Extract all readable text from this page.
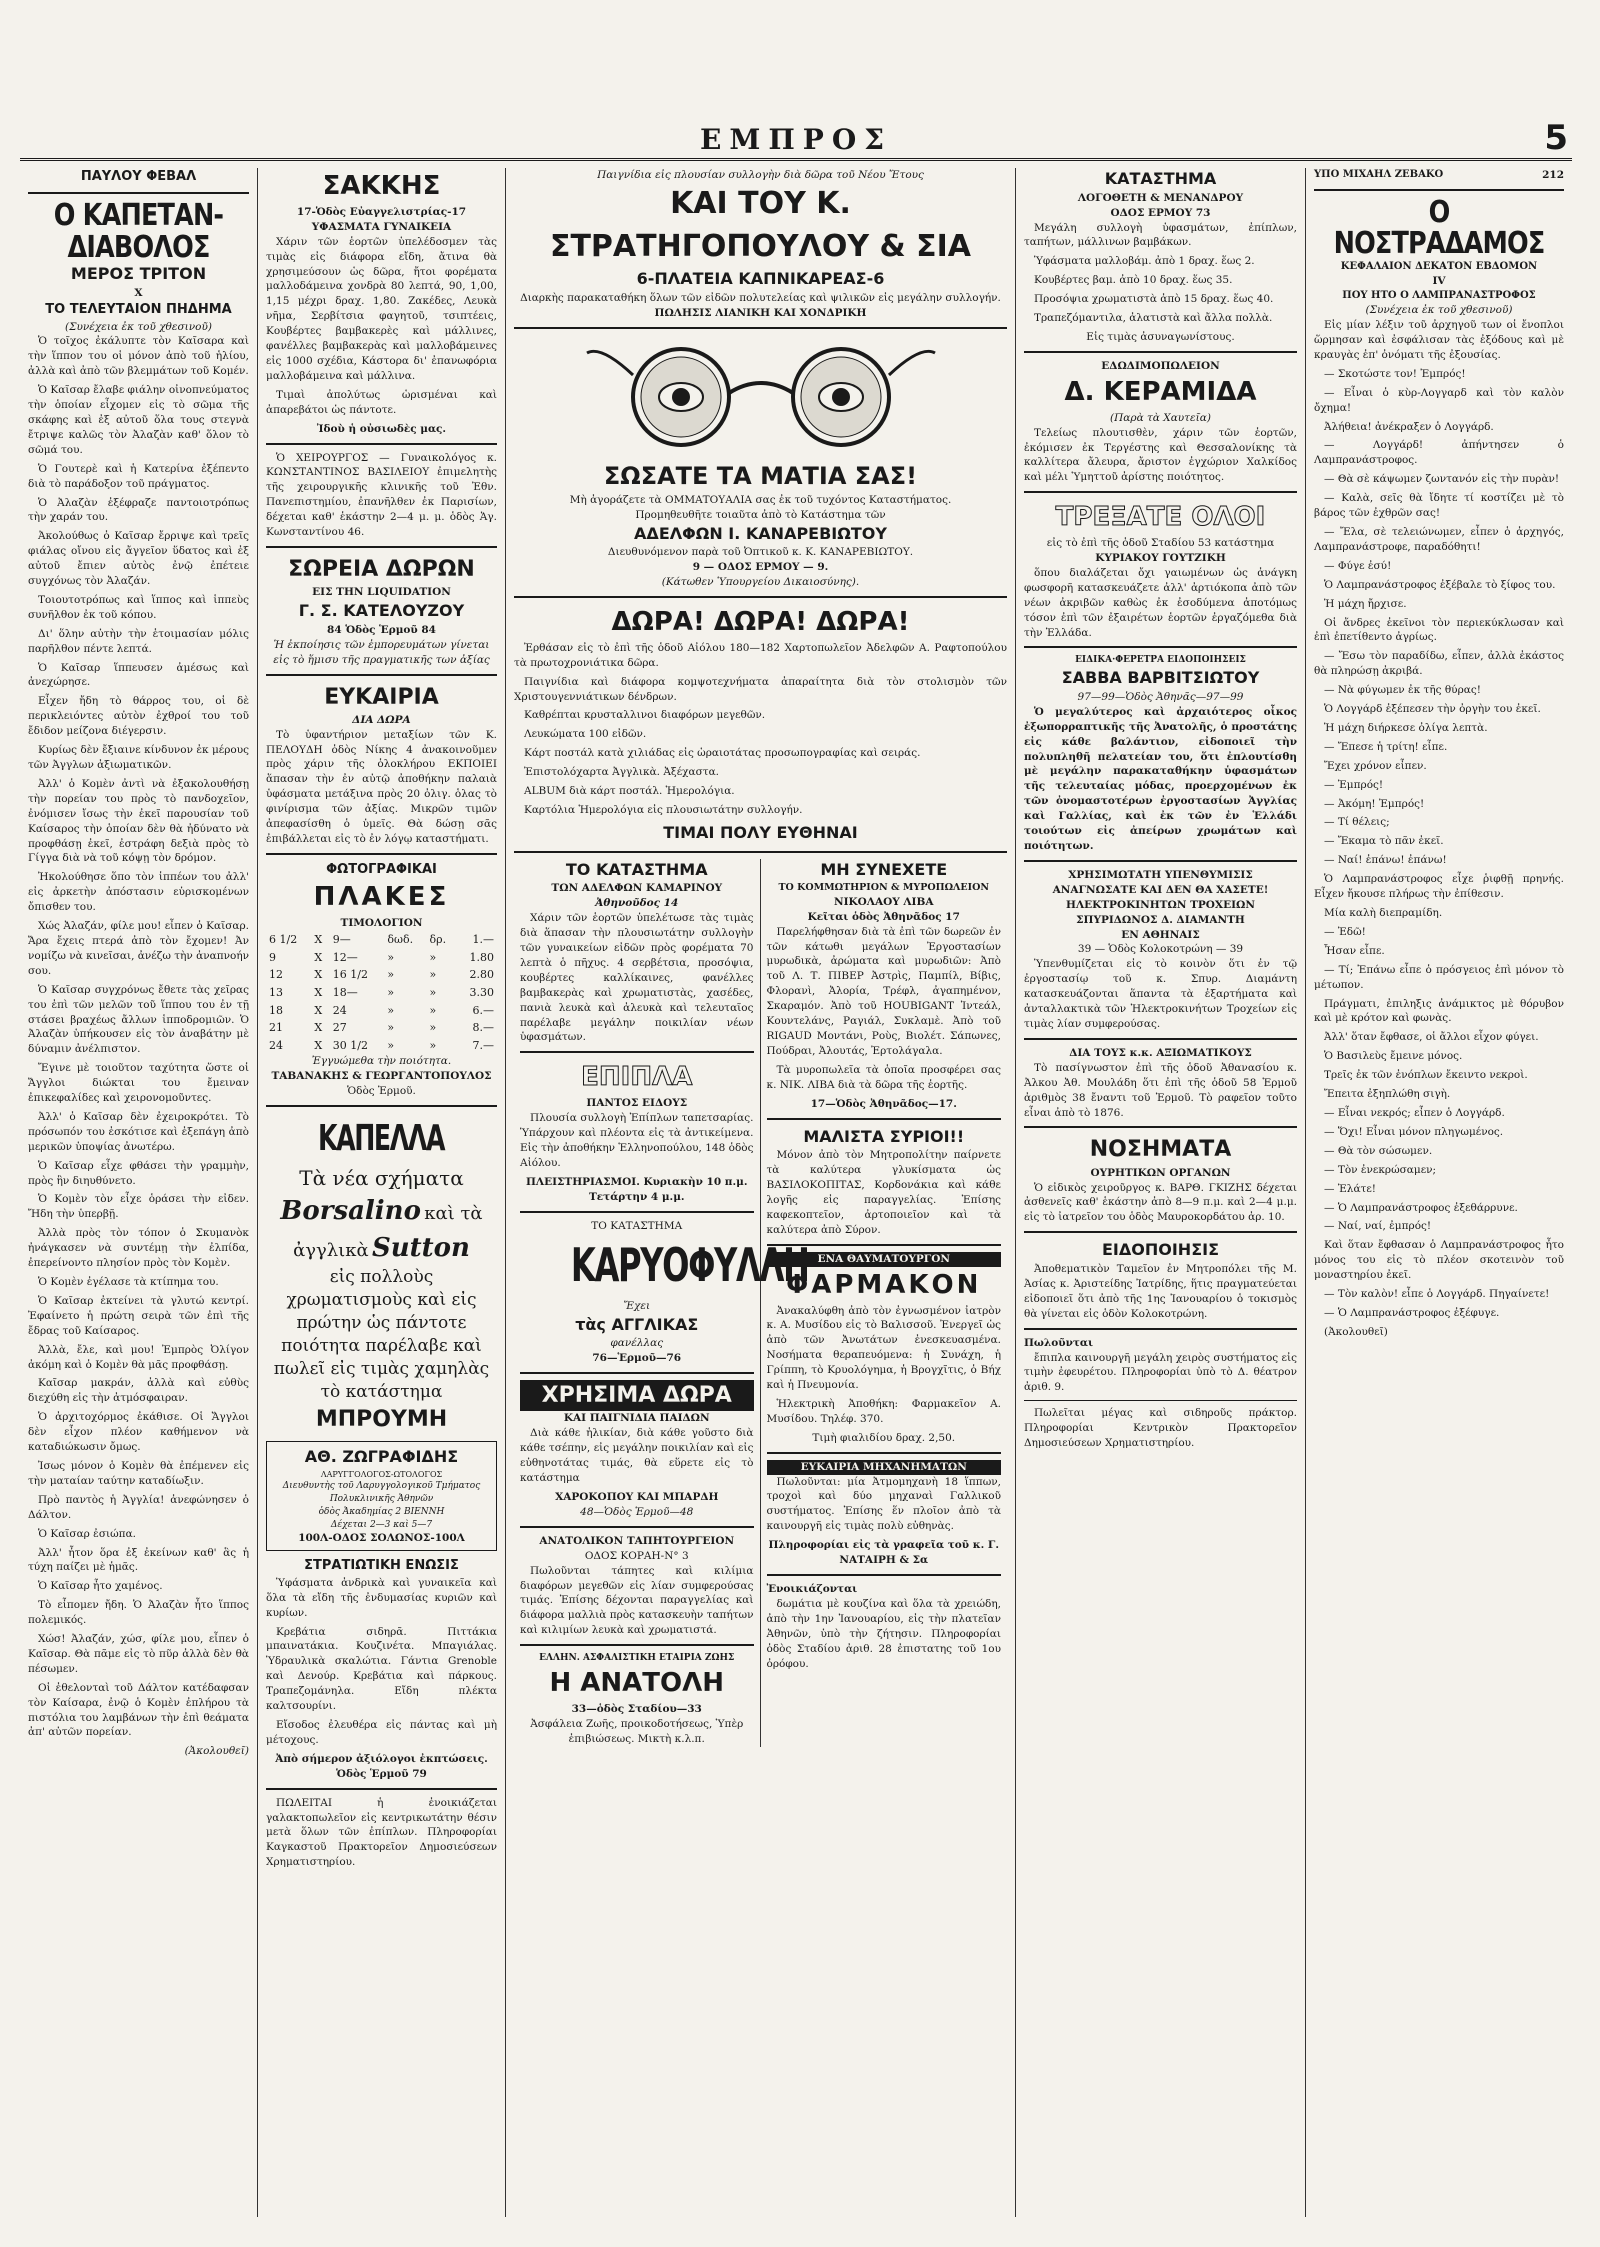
ΕΜΠΡΟΣ	5
ΠΑΥΛΟΥ ΦΕΒΑΛ
Ο ΚΑΠΕΤΑΝ-ΔΙΑΒΟΛΟΣ
ΜΕΡΟΣ ΤΡΙΤΟΝ
X
ΤΟ ΤΕΛΕΥΤΑΙΟΝ ΠΗΔΗΜΑ
(Συνέχεια ἐκ τοῦ χθεσινοῦ)

Ὁ τοῖχος ἐκάλυπτε τὸν Καῖσαρα καὶ τὴν ἵππον του οἱ μόνον ἀπὸ τοῦ ἡλίου, ἀλλὰ καὶ ἀπὸ τῶν βλεμμάτων τοῦ Κομέν.

Ὁ Καῖσαρ ἔλαβε φιάλην οἰνοπνεύματος τὴν ὁποίαν εἶχομεν εἰς τὸ σῶμα τῆς σκάφης καὶ ἐξ αὐτοῦ ὅλα τους στεγνὰ ἔτριψε καλῶς τὸν Ἀλαζὰν καθ' ὅλον τὸ σῶμά του.

Ὁ Γουτερὲ καὶ ἡ Κατερίνα ἐξέπεντο διὰ τὸ παράδοξον τοῦ πράγματος.

Ὁ Ἀλαζὰν ἐξέφραζε παντοιοτρόπως τὴν χαράν του.

Ἀκολούθως ὁ Καῖσαρ ἔρριψε καὶ τρεῖς φιάλας οἴνου εἰς ἄγγεῖον ὕδατος καὶ ἐξ αὐτοῦ ἔπιεν αὐτὸς ἐνῷ ἐπέτειε συγχόνως τὸν Ἀλαζάν.

Τοιουτοτρόπως καὶ ἵππος καὶ ἱππεὺς συνῆλθον ἐκ τοῦ κόπου.

Δι' ὅλην αὐτὴν τὴν ἑτοιμασίαν μόλις παρῆλθον πέντε λεπτά.

Ὁ Καῖσαρ ἵππευσεν ἀμέσως καὶ ἀνεχώρησε.

Εἶχεν ἤδη τὸ θάρρος του, οἱ δὲ περικλειόντες αὐτὸν ἐχθροί του τοῦ ἔδιδον μείζονα διέγερσιν.

Κυρίως δὲν ἔξιαινε κίνδυνον ἐκ μέρους τῶν Ἀγγλων ἀξιωματικῶν.

Ἀλλ' ὁ Κομὲν ἀντὶ νὰ ἐξακολουθήσῃ τὴν πορείαν του πρὸς τὸ πανδοχεῖον, ἐνόμισεν ἴσως τὴν ἐκεῖ παρουσίαν τοῦ Καίσαρος τὴν ὁποίαν δὲν θὰ ἠδύνατο νὰ προφθάσῃ ἐκεῖ, ἐστράφη δεξιὰ πρὸς τὸ Γίγγα διὰ νὰ τοῦ κόψῃ τὸν δρόμον.

Ἠκολούθησε ὅπο τὸν ἱππέων του ἀλλ' εἰς ἀρκετὴν ἀπόστασιν εὑρισκομένων ὄπισθεν του.

Χώς Ἀλαζάν, φίλε μου! εἶπεν ὁ Καῖσαρ. Ἄρα ἔχεις πτερά ἀπὸ τὸν ἔχομεν! Ἀν νομίζω νὰ κινεῖσαι, ἀνέζω τὴν ἀναπνοήν σου.

Ὁ Καῖσαρ συγχρόνως ἔθετε τὰς χεῖρας του ἐπὶ τῶν μελῶν τοῦ ἵππου του ἐν τῇ στάσει βραχέως ἄλλων ἱπποδρομιῶν. Ὁ Ἀλαζὰν ὑπήκουσεν εἰς τὸν ἀναβάτην μὲ δύναμιν ἀνέλπιστον.

Ἔγινε μὲ τοιοῦτον ταχύτητα ὥστε οἱ Ἄγγλοι διώκται του ἔμειναν ἐπικεφαλίδες καὶ χειρονομοῦντες.

Ἀλλ' ὁ Καῖσαρ δὲν ἐχειροκρότει. Τὸ πρόσωπόν του ἐσκότισε καὶ ἐξεπάγη ἀπὸ μερικῶν ὑποψίας ἀνωτέρω.

Ὁ Καῖσαρ εἶχε φθάσει τὴν γραμμὴν, πρὸς ἣν διηυθύνετο.

Ὁ Κομὲν τὸν εἶχε ὁράσει τὴν εἰδεν. Ἤδη τὴν ὑπερβῇ.

Ἀλλὰ πρὸς τὸν τόπον ὁ Σκυμανὸκ ἠνάγκασεν νὰ συντέμῃ τὴν ἐλπίδα, ἐπερείνοντο πλησίον πρὸς τὸν Κομὲν.

Ὁ Κομὲν ἐγέλασε τὰ κτίπημα του.

Ὁ Καῖσαρ ἐκτείνει τὰ γλυτώ κεντρί. Ἐφαίνετο ἡ πρώτη σειρὰ τῶν ἐπὶ τῆς ἔδρας τοῦ Καίσαρος.

Ἀλλὰ, ἔλε, καὶ μου! Ἐμπρὸς Ὀλίγον ἀκόμη καὶ ὁ Κομὲν θὰ μᾶς προφθάσῃ.

Καῖσαρ μακράν, ἀλλὰ καὶ εὐθὺς διεχύθη εἰς τὴν ἀτμόσφαιραν.

Ὁ ἀρχιτοχόρμος ἐκάθισε. Οἱ Ἄγγλοι δὲν εἶχον πλέον καθήμενον νὰ καταδιώκωσιν ὄμως.

Ἰσως μόνον ὁ Κομὲν θὰ ἐπέμενεν εἰς τὴν ματαίαν ταύτην καταδίωξιν.

Πρὸ παντὸς ἡ Ἀγγλία! ἀνεφώνησεν ὁ Δάλτον.

Ὁ Καῖσαρ ἐσιώπα.

Ἀλλ' ἦτον ὅρα ἐξ ἐκείνων καθ' ἃς ἡ τύχη παίζει μὲ ἡμᾶς.

Ὁ Καῖσαρ ἦτο χαμένος.

Τὸ εἶπομεν ἤδη. Ὁ Ἀλαζὰν ἦτο ἵππος πολεμικός.

Χώσ! Ἀλαζάν, χώσ, φίλε μου, εἶπεν ὁ Καῖσαρ. Θὰ πᾶμε εἰς τὸ πῦρ ἀλλὰ δὲν θὰ πέσωμεν.

Οἱ ἐθελονταὶ τοῦ Δάλτον κατέδαφσαν τὸν Καίσαρα, ἐνῷ ὁ Κομὲν ἐπλήρου τὰ πιστόλια του λαμβάνων τὴν ἐπὶ θεάματα ἀπ' αὐτῶν πορείαν.

(Ἀκολουθεῖ)
ΣΑΚΚΗΣ
17-Ὁδὸς Εὐαγγελιστρίας-17
ΥΦΑΣΜΑΤΑ ΓΥΝΑΙΚΕΙΑ

Χάριν τῶν ἑορτῶν ὑπελέδοσμεν τὰς τιμὰς εἰς διάφορα εἴδη, ἄτινα θὰ χρησιμεύσουν ὡς δῶρα, ἤτοι φορέματα μαλλοδάμεινα χονδρὰ 80 λεπτά, 90, 1,00, 1,15 μέχρι δραχ. 1,80. Ζακέδες, Λευκὰ νῆμα, Σερβίτσια φαγητοῦ, τσιπτέεις, Κουβέρτες βαμβακερὲς καὶ μάλλινες, φανέλλες βαμβακερὰς καὶ μαλλοβάμεινες εἰς 1000 σχέδια, Κάστορα δι' ἐπανωφόρια μαλλοβάμεινα καὶ μάλλινα.

Τιμαὶ ἀπολύτως ὡρισμέναι καὶ ἀπαρεβάτοι ὡς πάντοτε.

Ἰδοὺ ἡ οὐσιωδὲς μας.

Ὁ ΧΕΙΡΟΥΡΓΟΣ — Γυναικολόγος κ. ΚΩΝΣΤΑΝΤΙΝΟΣ ΒΑΣΙΛΕΙΟΥ ἐπιμελητὴς τῆς χειρουργικῆς κλινικῆς τοῦ Ἐθν. Πανεπιστημίου, ἐπανῆλθεν ἐκ Παρισίων, δέχεται καθ' ἑκάστην 2—4 μ. μ. ὁδὸς Ἁγ. Κωνσταντίνου 46.

ΣΩΡΕΙΑ ΔΩΡΩΝ
ΕΙΣ ΤΗΝ LIQUIDATION
Γ. Σ. ΚΑΤΕΛΟΥΖΟΥ
84 Ὁδὸς Ἑρμοῦ 84
Ἡ ἐκποίησις τῶν ἐμπορευμάτων γίνεται εἰς τὸ ἥμισυ τῆς πραγματικῆς των ἀξίας
ΕΥΚΑΙΡΙΑ
ΔΙΑ ΔΩΡΑ

Τὸ ὑφαντήριον μεταξίων τῶν Κ. ΠΕΛΟΥΔΗ ὁδὸς Νίκης 4 ἀνακοινοῦμεν πρὸς χάριν τῆς ὁλοκλήρου ΕΚΠΟΙΕΙ ἅπασαν τὴν ἐν αὐτῷ ἀποθήκην παλαιὰ ὑφάσματα μετάξινα πρὸς 20 ὀλιγ. ὁλας τὸ φινίρισμα τῶν ἀξίας. Μικρῶν τιμῶν ἀπεφασίσθη ὁ ὑμεῖς. Θὰ δώσῃ σᾶς ἐπιβάλλεται εἰς τὸ ἐν λόγῳ καταστήματι.

ΦΩΤΟΓΡΑΦΙΚΑΙ
ΠΛΑΚΕΣ
ΤΙΜΟΛΟΓΙΟΝ
6 1/2	Χ	9—	δωδ.	δρ.	1.—
9	Χ	12—	»	»	1.80
12	Χ	16 1/2	»	»	2.80
13	Χ	18—	»	»	3.30
18	Χ	24	»	»	6.—
21	Χ	27	»	»	8.—
24	Χ	30 1/2	»	»	7.—
Ἐγγυώμεθα τὴν ποιότητα.
ΤΑΒΑΝΑΚΗΣ & ΓΕΩΡΓΑΝΤΟΠΟΥΛΟΣ
Ὁδὸς Ἑρμοῦ.
ΚΑΠΕΛΛΑ
Τὰ νέα σχήματα
Borsalino καὶ τὰ
ἀγγλικὰ Sutton
εἰς πολλοὺς χρωματισμοὺς καὶ εἰς πρώτην ὡς πάντοτε ποιότητα παρέλαβε καὶ πωλεῖ εἰς τιμὰς χαμηλὰς τὸ κατάστημα
ΜΠΡΟΥΜΗ
ΑΘ. ΖΩΓΡΑΦΙΔΗΣ
ΛΑΡΥΓΓΟΛΟΓΟΣ-ΩΤΟΛΟΓΟΣ
Διευθυντὴς τοῦ Λαρυγγολογικοῦ Τμήματος Πολυκλινικῆς Ἀθηνῶν
ὁδὸς Ἀκαδημίας 2 ΒΙΕΝΝΗ
Δέχεται 2—3 καὶ 5—7
100Λ-ΟΔΟΣ ΣΟΛΩΝΟΣ-100Λ
ΣΤΡΑΤΙΩΤΙΚΗ ΕΝΩΣΙΣ

Ὑφάσματα ἀνδρικὰ καὶ γυναικεῖα καὶ ὅλα τὰ εἴδη τῆς ἐνδυμασίας κυριῶν καὶ κυρίων.

Κρεβάτια σιδηρᾶ. Πιττάκια μπαινατάκια. Κουζινέτα. Μπαγιάλας. Ὑδραυλικὰ σκαλώτια. Γάντια Grenoble καὶ Δενούρ. Κρεβάτια καὶ πάρκους. Τραπεζομάνηλα. Εἴδη πλέκτα καλτσουρίνι.

Εἴσοδος ἐλευθέρα εἰς πάντας καὶ μὴ μέτοχους.

Ἀπὸ σήμερον ἀξιόλογοι ἐκπτώσεις. Ὁδὸς Ἑρμοῦ 79

ΠΩΛΕΙΤΑΙ ἡ ἐνοικιάζεται γαλακτοπωλεῖον εἰς κεντρικωτάτην θέσιν μετὰ ὅλων τῶν ἐπίπλων. Πληροφορίαι Καγκαστοῦ Πρακτορεῖον Δημοσιεύσεων Χρηματιστηρίου.

Παιγνίδια εἰς πλουσίαν συλλογὴν διὰ δῶρα τοῦ Νέου Ἔτους
ΚΑΙ ΤΟΥ Κ. ΣΤΡΑΤΗΓΟΠΟΥΛΟΥ & ΣΙΑ
6-ΠΛΑΤΕΙΑ ΚΑΠΝΙΚΑΡΕΑΣ-6
Διαρκὴς παρακαταθήκη ὅλων τῶν εἰδῶν πολυτελείας καὶ ψιλικῶν εἰς μεγάλην συλλογήν.
ΠΩΛΗΣΙΣ ΛΙΑΝΙΚΗ ΚΑΙ ΧΟΝΔΡΙΚΗ
ΣΩΣΑΤΕ ΤΑ ΜΑΤΙΑ ΣΑΣ!
Μὴ ἀγοράζετε τὰ ΟΜΜΑΤΟΥΑΛΙΑ σας ἐκ τοῦ τυχόντος Καταστήματος.
Προμηθευθῆτε τοιαῦτα ἀπὸ τὸ Κατάστημα τῶν
ΑΔΕΛΦΩΝ Ι. ΚΑΝΑΡΕΒΙΩΤΟΥ
Διευθυνόμενον παρὰ τοῦ Ὀπτικοῦ κ. Κ. ΚΑΝΑΡΕΒΙΩΤΟΥ.
9 — ΟΔΟΣ ΕΡΜΟΥ — 9.
(Κάτωθεν Ὑπουργείου Δικαιοσύνης).
ΔΩΡΑ! ΔΩΡΑ! ΔΩΡΑ!

Ἐρθάσαν εἰς τὸ ἐπὶ τῆς ὁδοῦ Αἰόλου 180—182 Χαρτοπωλεῖον Ἀδελφῶν Α. Ραφτοπούλου τὰ πρωτοχρονιάτικα δῶρα.

Παιγνίδια καὶ διάφορα κομψοτεχνήματα ἀπαραίτητα διὰ τὸν στολισμὸν τῶν Χριστουγεννιάτικων δένδρων.

Καθρέπται κρυσταλλινοι διαφόρων μεγεθῶν.

Λευκώματα 100 εἰδῶν.

Κάρτ ποστάλ κατὰ χιλιάδας εἰς ὡραιοτάτας προσωπογραφίας καὶ σειράς.

Ἐπιστολόχαρτα Ἀγγλικὰ. Ἀξέχαστα.

ALBUM διὰ κάρτ ποστάλ. Ἡμερολόγια.

Καρτόλια Ἡμερολόγια εἰς πλουσιωτάτην συλλογήν.

ΤΙΜΑΙ ΠΟΛΥ ΕΥΘΗΝΑΙ
ΤΟ ΚΑΤΑΣΤΗΜΑ
ΤΩΝ ΑΔΕΛΦΩΝ ΚΑΜΑΡΙΝΟΥ
Ἀθηνοῦδος 14

Χάριν τῶν ἑορτῶν ὑπελέτωσε τὰς τιμὰς διὰ ἅπασαν τὴν πλουσιωτάτην συλλογὴν τῶν γυναικείων εἰδῶν πρὸς φορέματα 70 λεπτὰ ὁ πῆχυς. 4 σερβέτσια, προσόψια, κουβέρτες καλλίκαινες, φανέλλες βαμβακερὰς καὶ χρωματιστὰς, χασέδες, πανιὰ λευκὰ καὶ ἀλευκὰ καὶ τελευταῖος παρέλαβε μεγάλην ποικιλίαν νέων ὑφασμάτων.

ΕΠΙΠΛΑ
ΠΑΝΤΟΣ ΕΙΔΟΥΣ

Πλουσία συλλογὴ Ἐπίπλων ταπετσαρίας. Ὑπάρχουν καὶ πλέοντα εἰς τὰ ἀντικείμενα. Εἰς τὴν ἀποθήκην Ἑλληνοπούλου, 148 ὁδὸς Αἰόλου.

ΠΛΕΙΣΤΗΡΙΑΣΜΟΙ. Κυριακὴν 10 π.μ. Τετάρτην 4 μ.μ.
ΤΟ ΚΑΤΑΣΤΗΜΑ
ΚΑΡΥΟΦΥΛΛΗ
Ἔχει
τὰς ΑΓΓΛΙΚΑΣ
φανέλλας
76—Ἑρμοῦ—76
ΧΡΗΣΙΜΑ ΔΩΡΑ
ΚΑΙ ΠΑΙΓΝΙΔΙΑ ΠΑΙΔΩΝ

Διὰ κάθε ἡλικίαν, διὰ κάθε γοῦστο διὰ κάθε τσέπην, εἰς μεγάλην ποικιλίαν καὶ εἰς εὐθηνοτάτας τιμάς, θὰ εὕρετε εἰς τὸ κατάστημα

ΧΑΡΟΚΟΠΟΥ ΚΑΙ ΜΠΑΡΔΗ
48—Ὁδὸς Ἑρμοῦ—48
ΑΝΑΤΟΛΙΚΟΝ ΤΑΠΗΤΟΥΡΓΕΙΟΝ
ΟΔΟΣ ΚΟΡΑΗ-Ν° 3

Πωλοῦνται τάπητες καὶ κιλίμια διαφόρων μεγεθῶν εἰς λίαν συμφερούσας τιμάς. Ἐπίσης δέχονται παραγγελίας καὶ διάφορα μαλλιὰ πρὸς κατασκευὴν ταπήτων καὶ κιλιμίων λευκὰ καὶ χρωματιστά.

ΕΛΛΗΝ. ΑΣΦΑΛΙΣΤΙΚΗ ΕΤΑΙΡΙΑ ΖΩΗΣ
Η ΑΝΑΤΟΛΗ
33—ὁδὸς Σταδίου—33
Ἀσφάλεια Ζωῆς, προικοδοτήσεως, Ὑπὲρ ἐπιβιώσεως. Μικτὴ κ.λ.π.
ΜΗ ΣΥΝΕΧΕΤΕ
ΤΟ ΚΟΜΜΩΤΗΡΙΟΝ & ΜΥΡΟΠΩΛΕΙΟΝ
ΝΙΚΟΛΑΟΥ ΛΙΒΑ
Κεῖται ὁδὸς Ἀθηνᾶδος 17

Παρελήφθησαν διὰ τὰ ἐπὶ τῶν δωρεῶν ἐν τῶν κάτωθι μεγάλων Ἐργοστασίων μυρωδικὰ, ἀρώματα καὶ μυρωδιῶν: Ἀπὸ τοῦ Λ. Τ. ΠΙΒΕΡ Ἀστρὶς, Παμπίλ, Βίβις, Φλορανὶ, Ἀλορία, Τρέφλ, ἀγαπημένον, Σκαραμόν. Ἀπὸ τοῦ HOUBIGANT Ἰντεάλ, Κουντελάνς, Ραγιάλ, Συκλαμὲ. Ἀπὸ τοῦ RIGAUD Μοντάνι, Ροὺς, Βιολέτ. Σάπωνες, Πούδραι, Ἀλουτάς, Ἐρτολάγαλα.

Τὰ μυροπωλεῖα τὰ ὁποῖα προσφέρει σας κ. ΝΙΚ. ΛΙΒΑ διὰ τὰ δῶρα τῆς ἑορτῆς.

17—Ὁδὸς Ἀθηνᾶδος—17.
ΜΑΛΙΣΤΑ ΣΥΡΙΟΙ!!

Μόνον ἀπὸ τὸν Μητροπολίτην παίρνετε τὰ καλύτερα γλυκίσματα ὡς ΒΑΣΙΛΟΚΟΠΙΤΑΣ, Κορδονάκια καὶ κάθε λογῆς εἰς παραγγελίας. Ἐπίσης καφεκοπτεῖον, ἀρτοποιεῖον καὶ τὰ καλύτερα ἀπὸ Σύρον.

ΕΝΑ ΘΑΥΜΑΤΟΥΡΓΟΝ
ΦΑΡΜΑΚΟΝ

Ἀνακαλύφθη ἀπὸ τὸν ἐγνωσμένον ἰατρὸν κ. Α. Μυσίδου εἰς τὸ Βαλισσοῦ. Ἐνεργεῖ ὡς ἀπὸ τῶν Ἀνωτάτων ἐνεσκευασμένα. Νοσήματα θεραπευόμενα: ἡ Συνάχη, ἡ Γρίππη, τὸ Κρυολόγημα, ἡ Βρογχῖτις, ὁ Βήχ καὶ ἡ Πνευμονία.

Ἡλεκτρικὴ Ἀποθήκη: Φαρμακεῖον Α. Μυσίδου. Τηλέφ. 370.

Τιμὴ φιαλιδίου δραχ. 2,50.
ΕΥΚΑΙΡΙΑ ΜΗΧΑΝΗΜΑΤΩΝ

Πωλοῦνται: μία Ἀτμομηχανὴ 18 ἵππων, τροχοὶ καὶ δύο μηχαναὶ Γαλλικοῦ συστήματος. Ἐπίσης ἕν πλοῖον ἀπὸ τὰ καινουργῆ εἰς τιμὰς πολὺ εὐθηνὰς.

Πληροφορίαι εἰς τὰ γραφεῖα τοῦ κ. Γ. ΝΑΤΑΙΡΗ & Σα
Ἐνοικιάζονται

δωμάτια μὲ κουζίνα καὶ ὅλα τὰ χρειώδη, ἀπὸ τὴν 1ην Ἰανουαρίου, εἰς τὴν πλατεῖαν Ἀθηνῶν, ὑπὸ τὴν ζήτησιν. Πληροφορίαι ὁδὸς Σταδίου ἀριθ. 28 ἐπιστατης τοῦ 1ου ὀρόφου.

ΚΑΤΑΣΤΗΜΑ
ΛΟΓΟΘΕΤΗ & ΜΕΝΑΝΔΡΟΥ
ΟΔΟΣ ΕΡΜΟΥ 73

Μεγάλη συλλογὴ ὑφασμάτων, ἐπίπλων, ταπήτων, μάλλινων βαμβάκων.

Ὑφάσματα μαλλοβάμ. ἀπὸ 1 δραχ. ἕως 2.

Κουβέρτες βαμ. ἀπὸ 10 δραχ. ἕως 35.

Προσόψια χρωματιστὰ ἀπὸ 15 δραχ. ἕως 40.

Τραπεζόμαντιλα, ἀλατιστὰ καὶ ἄλλα πολλὰ.

Εἰς τιμὰς ἀσυναγωνίστους.
ΕΔΩΔΙΜΟΠΩΛΕΙΟΝ
Δ. ΚΕΡΑΜΙΔΑ
(Παρὰ τὰ Χαυτεῖα)

Τελείως πλουτισθὲν, χάριν τῶν ἑορτῶν, ἐκόμισεν ἐκ Τεργέστης καὶ Θεσσαλονίκης τὰ καλλίτερα ἄλευρα, ἄριστον ἐγχώριον Χαλκίδος καὶ μέλι Ὑμηττοῦ ἀρίστης ποιότητος.

ΤΡΕΞΑΤΕ ΟΛΟΙ
εἰς τὸ ἐπὶ τῆς ὁδοῦ Σταδίου 53 κατάστημα
ΚΥΡΙΑΚΟΥ ΓΟΥΤΖΙΚΗ

ὅπου διαλάζεται ὄχι γαιωμένων ὡς ἀνάγκη φωσφορῆ κατασκευάζετε ἀλλ' ἀρτιόκοπα ἀπὸ τῶν νέων ἀκριβῶν καθὼς ἐκ ἐσοδύμενα ἀποτόμως τόσον ἐπὶ τῶν ἐξαιρέτων ἑορτῶν ἐργαζόμεθα διὰ τὴν Ἑλλάδα.

ΕΙΔΙΚΑ·ΦΕΡΕΤΡΑ ΕΙΔΟΠΟΙΗΣΕΙΣ
ΣΑΒΒΑ ΒΑΡΒΙΤΣΙΩΤΟΥ
97—99—Ὁδὸς Ἀθηνᾶς—97—99

Ὁ μεγαλύτερος καὶ ἀρχαιότερος οἶκος ἐξωπορραπτικῆς τῆς Ἀνατολῆς, ὁ προστάτης εἰς κάθε βαλάντιον, εἰδοποιεῖ τὴν πολυπληθῆ πελατείαν του, ὅτι ἐπλουτίσθη μὲ μεγάλην παρακαταθήκην ὑφασμάτων τῆς τελευταίας μόδας, προερχομένων ἐκ τῶν ὀνομαστοτέρων ἐργοστασίων Ἀγγλίας καὶ Γαλλίας, καὶ ἐκ τῶν ἐν Ἑλλάδι τοιούτων εἰς ἀπείρων χρωμάτων καὶ ποιότητων.

ΧΡΗΣΙΜΩΤΑΤΗ ΥΠΕΝΘΥΜΙΣΙΣ
ΑΝΑΓΝΩΣΑΤΕ ΚΑΙ ΔΕΝ ΘΑ ΧΑΣΕΤΕ!
ΗΛΕΚΤΡΟΚΙΝΗΤΩΝ ΤΡΟΧΕΙΩΝ
ΣΠΥΡΙΔΩΝΟΣ Δ. ΔΙΑΜΑΝΤΗ
ΕΝ ΑΘΗΝΑΙΣ
39 — Ὁδὸς Κολοκοτρώνη — 39

Ὑπενθυμίζεται εἰς τὸ κοινὸν ὅτι ἐν τῷ ἐργοστασίῳ τοῦ κ. Σπυρ. Διαμάντη κατασκευάζονται ἅπαντα τὰ ἐξαρτήματα καὶ ἀνταλλακτικὰ τῶν Ἠλεκτροκινήτων Τροχείων εἰς τιμὰς λίαν συμφερούσας.

ΔΙΑ ΤΟΥΣ κ.κ. ΑΞΙΩΜΑΤΙΚΟΥΣ

Τὸ πασίγνωστον ἐπὶ τῆς ὁδοῦ Ἀθανασίου κ. Ἀλκου Ἀθ. Μουλάδη ὅτι ἐπὶ τῆς ὁδοῦ 58 Ἑρμοῦ ἀριθμὸς 38 ἔναντι τοῦ Ἐρμοῦ. Τὸ ραφεῖον τοῦτο εἶναι ἀπὸ τὸ 1876.

ΝΟΣΗΜΑΤΑ
ΟΥΡΗΤΙΚΩΝ ΟΡΓΑΝΩΝ

Ὁ εἰδικὸς χειροῦργος κ. ΒΑΡΘ. ΓΚΙΖΗΣ δέχεται ἀσθενεῖς καθ' ἑκάστην ἀπὸ 8—9 π.μ. καὶ 2—4 μ.μ. εἰς τὸ ἰατρεῖον του ὁδὸς Μαυροκορδάτου ἀρ. 10.

ΕΙΔΟΠΟΙΗΣΙΣ

Ἀποθεματικὸν Ταμεῖον ἐν Μητροπόλει τῆς Μ. Ἀσίας κ. Ἀριστείδης Ἰατρίδης, ἥτις πραγματεύεται εἰδοποιεῖ ὅτι ἀπὸ τῆς 1ης Ἰανουαρίου ὁ τοκισμὸς θὰ γίνεται εἰς ὁδὸν Κολοκοτρώνη.

Πωλοῦνται

ἔπιπλα καινουργῆ μεγάλη χειρὸς συστήματος εἰς τιμὴν ἐφευρέτου. Πληροφορίαι ὑπὸ τὸ Δ. θέατρον ἀριθ. 9.

Πωλεῖται μέγας καὶ σιδηροῦς πράκτορ. Πληροφορίαι Κεντρικὸν Πρακτορεῖον Δημοσιεύσεων Χρηματιστηρίου.

ΥΠΟ ΜΙΧΑΗΛ ΖΕΒΑΚΟ	212
Ο ΝΟΣΤΡΑΔΑΜΟΣ
ΚΕΦΑΛΑΙΟΝ ΔΕΚΑΤΟΝ ΕΒΔΟΜΟΝ
IV
ΠΟΥ ΗΤΟ Ο ΛΑΜΠΡΑΝΑΣΤΡΟΦΟΣ
(Συνέχεια ἐκ τοῦ χθεσινοῦ)

Εἰς μίαν λέξιν τοῦ ἀρχηγοῦ των οἱ ἔνοπλοι ὥρμησαν καὶ ἐσφάλισαν τὰς ἐξόδους καὶ μὲ κραυγὰς ἐπ' ὀνόματι τῆς ἐξουσίας.

— Σκοτώστε τον! Ἐμπρός!

— Εἶναι ὁ κὺρ-Λογγαρδ καὶ τὸν καλὸν ὄχημα!

Ἀλήθεια! ἀνέκραξεν ὁ Λογγάρδ.

— Λογγάρδ! ἀπήντησεν ὁ Λαμπρανάστροφος.

— Θὰ σὲ κάψωμεν ζωντανόν εἰς τὴν πυρὰν!

— Καλὰ, σεῖς θὰ ἴδητε τί κοστίζει μὲ τὸ βάρος τῶν ἐχθρῶν σας!

— Ἔλα, σὲ τελειώνωμεν, εἶπεν ὁ ἀρχηγός, Λαμπρανάστροφε, παραδόθητι!

— Φύγε ἐσύ!

Ὁ Λαμπρανάστροφος ἐξέβαλε τὸ ξίφος του.

Ἡ μάχη ἤρχισε.

Οἱ ἄνδρες ἐκεῖνοι τὸν περιεκύκλωσαν καὶ ἐπὶ ἐπετίθεντο ἀγρίως.

— Ἔσω τὸν παραδίδω, εἶπεν, ἀλλὰ ἐκάστος θὰ πληρώσῃ ἀκριβά.

— Νὰ φύγωμεν ἐκ τῆς θύρας!

Ὁ Λογγάρδ ἐξέπεσεν τὴν ὀργὴν του ἐκεῖ.

Ἡ μάχη διήρκεσε ὀλίγα λεπτὰ.

— Ἔπεσε ἡ τρίτη! εἶπε.

Ἔχει χρόνον εἶπεν.

— Ἐμπρός!

— Ἀκόμη! Ἐμπρός!

— Τί θέλεις;

— Ἔκαμα τὸ πᾶν ἐκεῖ.

— Ναί! ἐπάνω! ἐπάνω!

Ὁ Λαμπρανάστροφος εἶχε ῥιφθῇ πρηνής. Εἶχεν ἤκουσε πλήρως τὴν ἐπίθεσιν.

Μία καλὴ διεπραμίδη.

— Ἐδῶ!

Ἦσαν εἶπε.

— Τί; Ἐπάνω εἶπε ὁ πρόσγειος ἐπὶ μόνον τὸ μέτωπον.

Πράγματι, ἐπιληξις ἀνάμικτος μὲ θόρυβον καὶ μὲ κρότον καὶ φωνὰς.

Ἀλλ' ὅταν ἔφθασε, οἱ ἄλλοι εἶχον φύγει.

Ὁ Βασιλεὺς ἔμεινε μόνος.

Τρεῖς ἐκ τῶν ἐνόπλων ἔκειντο νεκροὶ.

Ἔπειτα ἐξηπλώθη σιγὴ.

— Εἶναι νεκρός; εἶπεν ὁ Λογγάρδ.

— Ὅχι! Εἶναι μόνον πληγωμένος.

— Θὰ τὸν σώσωμεν.

— Τὸν ἐνεκρώσαμεν;

— Ἐλάτε!

— Ὁ Λαμπρανάστροφος ἐξεθάρρυνε.

— Ναί, ναί, ἐμπρός!

Καὶ ὅταν ἔφθασαν ὁ Λαμπρανάστροφος ἦτο μόνος του εἰς τὸ πλέον σκοτεινὸν τοῦ μοναστηρίου ἐκεῖ.

— Τὸν καλὸν! εἶπε ὁ Λογγάρδ. Πηγαίνετε!

— Ὁ Λαμπρανάστροφος ἐξέφυγε.

(Ἀκολουθεῖ)
